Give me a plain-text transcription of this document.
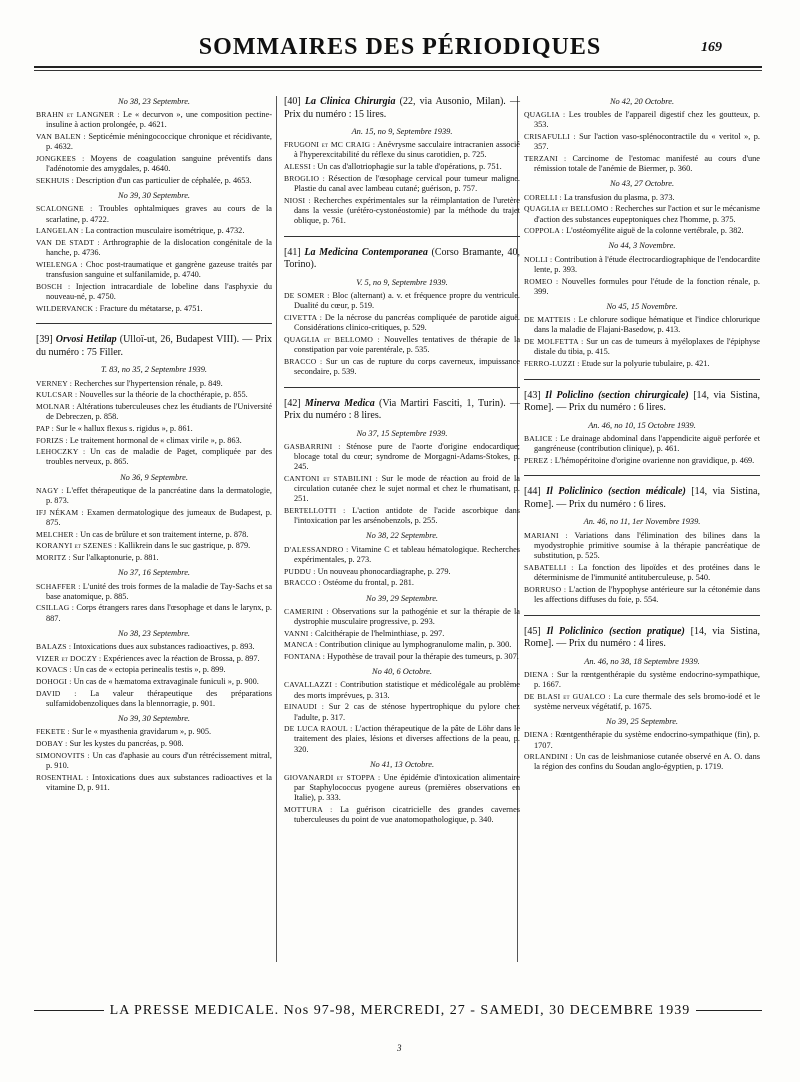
SOMMAIRES DES PÉRIODIQUES	169
No 38, 23 Septembre.

BRAHN et LANGNER : Le « decurvon », une composition pectine-insuline à action prolongée, p. 4621.

VAN BALEN : Septicémie méningococcique chronique et récidivante, p. 4632.

JONGKEES : Moyens de coagulation sanguine préventifs dans l'adénotomie des amygdales, p. 4640.

SEKHUIS : Description d'un cas particulier de céphalée, p. 4653.

No 39, 30 Septembre.

SCALONGNE : Troubles ophtalmiques graves au cours de la scarlatine, p. 4722.

LANGELAN : La contraction musculaire isométrique, p. 4732.

VAN DE STADT : Arthrographie de la dislocation congénitale de la hanche, p. 4736.

WIELENGA : Choc post-traumatique et gangrène gazeuse traités par transfusion sanguine et sulfanilamide, p. 4740.

BOSCH : Injection intracardiale de lobeline dans l'asphyxie du nouveau-né, p. 4750.

WILDERVANCK : Fracture du métatarse, p. 4751.

[39] Orvosi Hetilap (Ulloï-ut, 26, Budapest VIII). — Prix du numéro : 75 Filler.

T. 83, no 35, 2 Septembre 1939.

VERNEY : Recherches sur l'hypertension rénale, p. 849.

KULCSAR : Nouvelles sur la théorie de la chocthérapie, p. 855.

MOLNAR : Altérations tuberculeuses chez les étudiants de l'Université de Debreczen, p. 858.

PAP : Sur le « hallux flexus s. rigidus », p. 861.

FORIZS : Le traitement hormonal de « climax virile », p. 863.

LEHOCZKY : Un cas de maladie de Paget, compliquée par des troubles nerveux, p. 865.

No 36, 9 Septembre.

NAGY : L'effet thérapeutique de la pancréatine dans la dermatologie, p. 873.

IFJ NÉKAM : Examen dermatologique des jumeaux de Budapest, p. 875.

MELCHER : Un cas de brûlure et son traitement interne, p. 878.

KORANYI et SZENES : Kallikrein dans le suc gastrique, p. 879.

MORITZ : Sur l'alkaptonurie, p. 881.

No 37, 16 Septembre.

SCHAFFER : L'unité des trois formes de la maladie de Tay-Sachs et sa base anatomique, p. 885.

CSILLAG : Corps étrangers rares dans l'œsophage et dans le larynx, p. 887.

No 38, 23 Septembre.

BALAZS : Intoxications dues aux substances radioactives, p. 893.

VIZER et DOCZY : Expériences avec la réaction de Brossa, p. 897.

KOVACS : Un cas de « ectopia perinealis testis », p. 899.

DOHOGI : Un cas de « hæmatoma extravaginale funiculi », p. 900.

DAVID : La valeur thérapeutique des préparations sulfamidobenzoliques dans la blennorragie, p. 901.

No 39, 30 Septembre.

FEKETE : Sur le « myasthenia gravidarum », p. 905.

DOBAY : Sur les kystes du pancréas, p. 908.

SIMONOVITS : Un cas d'aphasie au cours d'un rétrécissement mitral, p. 910.

ROSENTHAL : Intoxications dues aux substances radioactives et la vitamine D, p. 911.

[40] La Clinica Chirurgia (22, via Ausonio, Milan). — Prix du numéro : 15 lires.

An. 15, no 9, Septembre 1939.

FRUGONI et MC CRAIG : Anévrysme sacculaire intracranien associé à l'hyperexcitabilité du réflexe du sinus carotidien, p. 725.

ALESSI : Un cas d'allotriophagie sur la table d'opérations, p. 751.

BROGLIO : Résection de l'œsophage cervical pour tumeur maligne. Plastie du canal avec lambeau cutané; guérison, p. 757.

NIOSI : Recherches expérimentales sur la réimplantation de l'uretère dans la vessie (urétéro-cystonéostomie) par la méthode du trajet oblique, p. 761.

[41] La Medicina Contemporanea (Corso Bramante, 40, Torino).

V. 5, no 9, Septembre 1939.

DE SOMER : Bloc (alternant) a. v. et fréquence propre du ventricule. Dualité du cœur, p. 519.

CIVETTA : De la nécrose du pancréas compliquée de parotide aiguë. Considérations clinico-critiques, p. 529.

QUAGLIA et BELLOMO : Nouvelles tentatives de thérapie de la constipation par voie parentérale, p. 535.

BRACCO : Sur un cas de rupture du corps caverneux, impuissance secondaire, p. 539.

[42] Minerva Medica (Via Martiri Fasciti, 1, Turin). — Prix du numéro : 8 lires.

No 37, 15 Septembre 1939.

GASBARRINI : Sténose pure de l'aorte d'origine endocardique; blocage total du cœur; syndrome de Morgagni-Adams-Stokes, p. 245.

CANTONI et STABILINI : Sur le mode de réaction au froid de la circulation cutanée chez le sujet normal et chez le rhumatisant, p. 251.

BERTELLOTTI : L'action antidote de l'acide ascorbique dans l'intoxication par les arsénobenzols, p. 255.

No 38, 22 Septembre.

D'ALESSANDRO : Vitamine C et tableau hématologique. Recherches expérimentales, p. 273.

PUDDU : Un nouveau phonocardiagraphe, p. 279.

BRACCO : Ostéome du frontal, p. 281.

No 39, 29 Septembre.

CAMERINI : Observations sur la pathogénie et sur la thérapie de la dystrophie musculaire progressive, p. 293.

VANNI : Calcithérapie de l'helminthiase, p. 297.

MANCA : Contribution clinique au lymphogranulome malin, p. 300.

FONTANA : Hypothèse de travail pour la thérapie des tumeurs, p. 307.

No 40, 6 Octobre.

CAVALLAZZI : Contribution statistique et médicolégale au problème des morts imprévues, p. 313.

EINAUDI : Sur 2 cas de sténose hypertrophique du pylore chez l'adulte, p. 317.

DE LUCA RAOUL : L'action thérapeutique de la pâte de Löhr dans le traitement des plaies, lésions et diverses affections de la peau, p. 320.

No 41, 13 Octobre.

GIOVANARDI et STOPPA : Une épidémie d'intoxication alimentaire par Staphylococcus pyogene aureus (premières observations en Italie), p. 333.

MOTTURA : La guérison cicatricielle des grandes cavernes tuberculeuses du point de vue anatomopathologique, p. 340.

No 42, 20 Octobre.

QUAGLIA : Les troubles de l'appareil digestif chez les goutteux, p. 353.

CRISAFULLI : Sur l'action vaso-splénocontractile du « veritol », p. 357.

TERZANI : Carcinome de l'estomac manifesté au cours d'une rémission totale de l'anémie de Biermer, p. 360.

No 43, 27 Octobre.

CORELLI : La transfusion du plasma, p. 373.

QUAGLIA et BELLOMO : Recherches sur l'action et sur le mécanisme d'action des substances eupeptoniques chez l'homme, p. 375.

COPPOLA : L'ostéomyélite aiguë de la colonne vertébrale, p. 382.

No 44, 3 Novembre.

NOLLI : Contribution à l'étude électrocardiographique de l'endocardite lente, p. 393.

ROMEO : Nouvelles formules pour l'étude de la fonction rénale, p. 399.

No 45, 15 Novembre.

DE MATTEIS : Le chlorure sodique hématique et l'indice chlorurique dans la maladie de Flajani-Basedow, p. 413.

DE MOLFETTA : Sur un cas de tumeurs à myéloplaxes de l'épiphyse distale du tibia, p. 415.

FERRO-LUZZI : Etude sur la polyurie tubulaire, p. 421.

[43] Il Policlino (section chirurgicale) [14, via Sistina, Rome]. — Prix du numéro : 6 lires.

An. 46, no 10, 15 Octobre 1939.

BALICE : Le drainage abdominal dans l'appendicite aiguë perforée et gangréneuse (contribution clinique), p. 461.

PEREZ : L'hémopéritoine d'origine ovarienne non gravidique, p. 469.

[44] Il Policlinico (section médicale) [14, via Sistina, Rome]. — Prix du numéro : 6 lires.

An. 46, no 11, 1er Novembre 1939.

MARIANI : Variations dans l'élimination des bilines dans la myodystrophie primitive soumise à la thérapie pancréatique de substitution, p. 525.

SABATELLI : La fonction des lipoïdes et des protéines dans le déterminisme de l'immunité antituberculeuse, p. 540.

BORRUSO : L'action de l'hypophyse antérieure sur la cétonémie dans les affections diffuses du foie, p. 554.

[45] Il Policlinico (section pratique) [14, via Sistina, Rome]. — Prix du numéro : 4 lires.

An. 46, no 38, 18 Septembre 1939.

DIENA : Sur la rœntgenthérapie du système endocrino-sympathique, p. 1667.

DE BLASI et GUALCO : La cure thermale des sels bromo-iodé et le système nerveux végétatif, p. 1675.

No 39, 25 Septembre.

DIENA : Rœntgenthérapie du système endocrino-sympathique (fin), p. 1707.

ORLANDINI : Un cas de leishmaniose cutanée observé en A. O. dans la région des confins du Soudan anglo-égyptien, p. 1719.

LA PRESSE MEDICALE. Nos 97-98, MERCREDI, 27 - SAMEDI, 30 DECEMBRE 1939
3
